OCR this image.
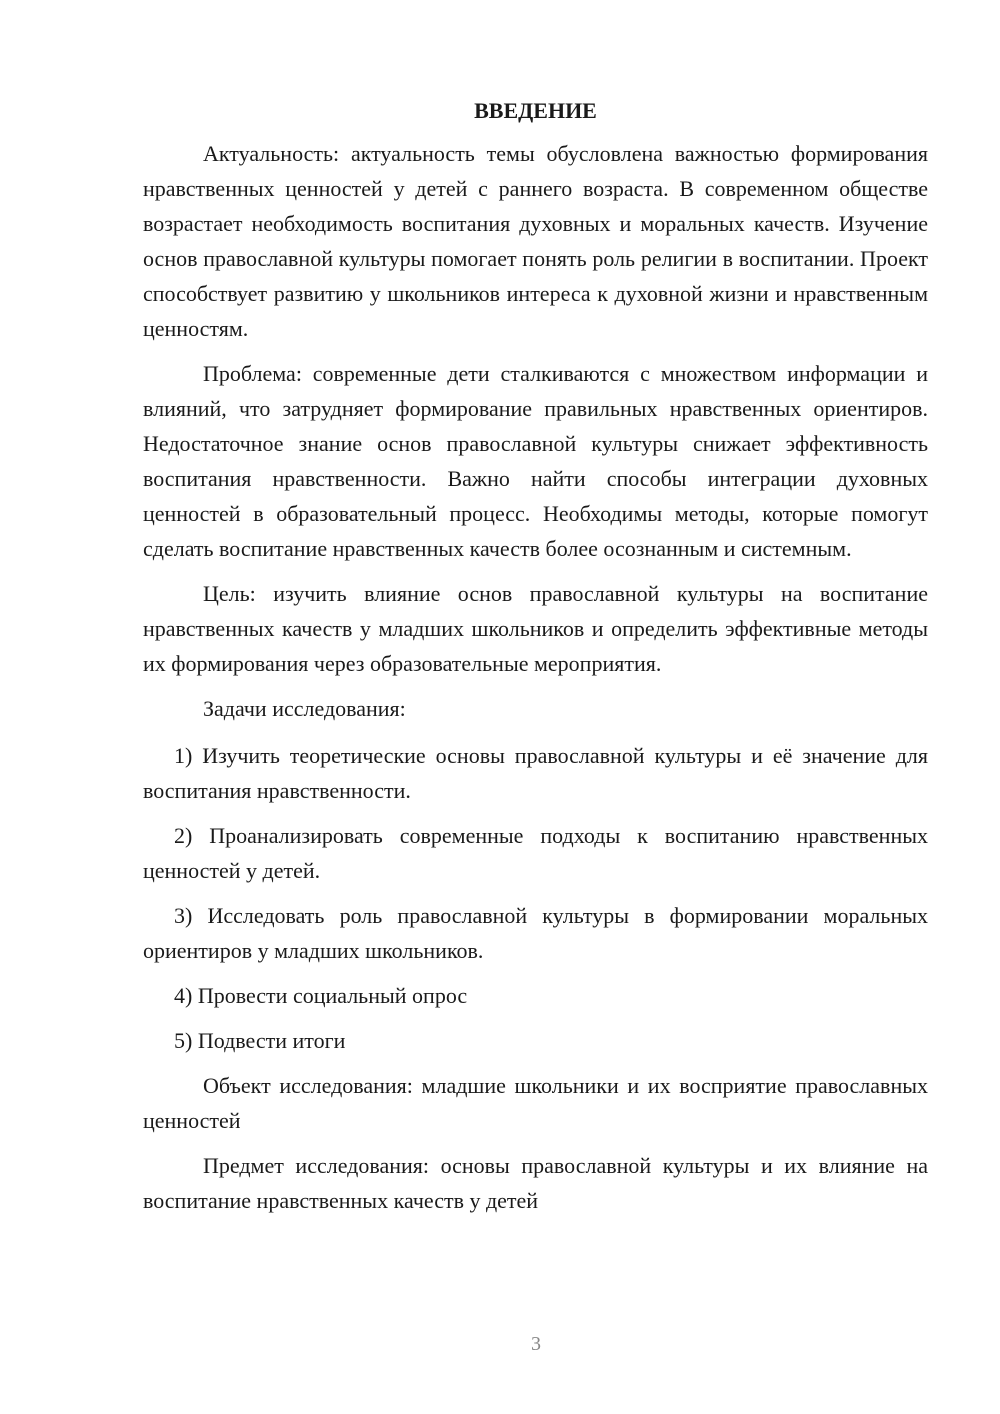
ВВЕДЕНИЕ

Актуальность: актуальность темы обусловлена важностью формирования нравственных ценностей у детей с раннего возраста. В современном обществе возрастает необходимость воспитания духовных и моральных качеств. Изучение основ православной культуры помогает понять роль религии в воспитании. Проект способствует развитию у школьников интереса к духовной жизни и нравственным ценностям.

Проблема: современные дети сталкиваются с множеством информации и влияний, что затрудняет формирование правильных нравственных ориентиров. Недостаточное знание основ православной культуры снижает эффективность воспитания нравственности. Важно найти способы интеграции духовных ценностей в образовательный процесс. Необходимы методы, которые помогут сделать воспитание нравственных качеств более осознанным и системным.

Цель: изучить влияние основ православной культуры на воспитание нравственных качеств у младших школьников и определить эффективные методы их формирования через образовательные мероприятия.

Задачи исследования:

1) Изучить теоретические основы православной культуры и её значение для воспитания нравственности.

2) Проанализировать современные подходы к воспитанию нравственных ценностей у детей.

3) Исследовать роль православной культуры в формировании моральных ориентиров у младших школьников.

4) Провести социальный опрос

5) Подвести итоги

Объект исследования: младшие школьники и их восприятие православных ценностей

Предмет исследования: основы православной культуры и их влияние на воспитание нравственных качеств у детей

3
